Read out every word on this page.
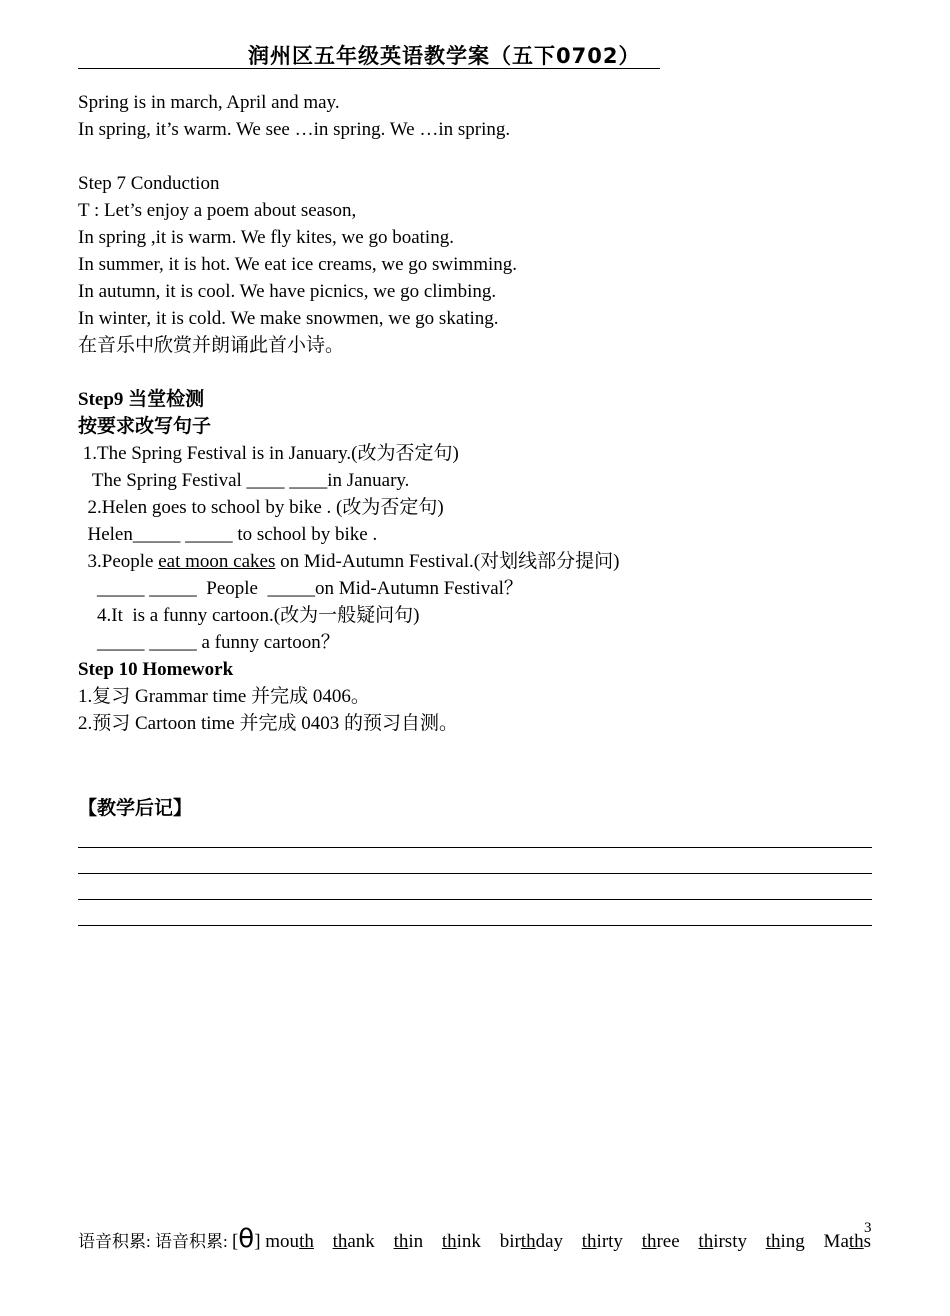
润州区五年级英语教学案（五下0702）
Spring is in march, April and may.
In spring, it’s warm. We see …in spring. We …in spring.
Step 7 Conduction
T : Let’s enjoy a poem about season,
In spring ,it is warm. We fly kites, we go boating.
In summer, it is hot. We eat ice creams, we go swimming.
In autumn, it is cool. We have picnics, we go climbing.
In winter, it is cold. We make snowmen, we go skating.
在音乐中欣赏并朗诵此首小诗。
Step9 当堂检测
按要求改写句子
1.The Spring Festival is in January.(改为否定句)
The Spring Festival ____ ____in January.
2.Helen goes to school by bike . (改为否定句)
Helen_____ _____ to school by bike .
3.People eat moon cakes on Mid-Autumn Festival.(对划线部分提问)
_____ _____  People  _____on Mid-Autumn Festival？
4.It  is a funny cartoon.(改为一般疑问句)
_____ _____ a funny cartoon？
Step 10 Homework
1.复习 Grammar time 并完成 0406。
2.预习 Cartoon time 并完成 0403 的预习自测。
【教学后记】
3
语音积累: 语音积累: [θ] mouth thank thin think birthday thirty three thirsty thing Maths
